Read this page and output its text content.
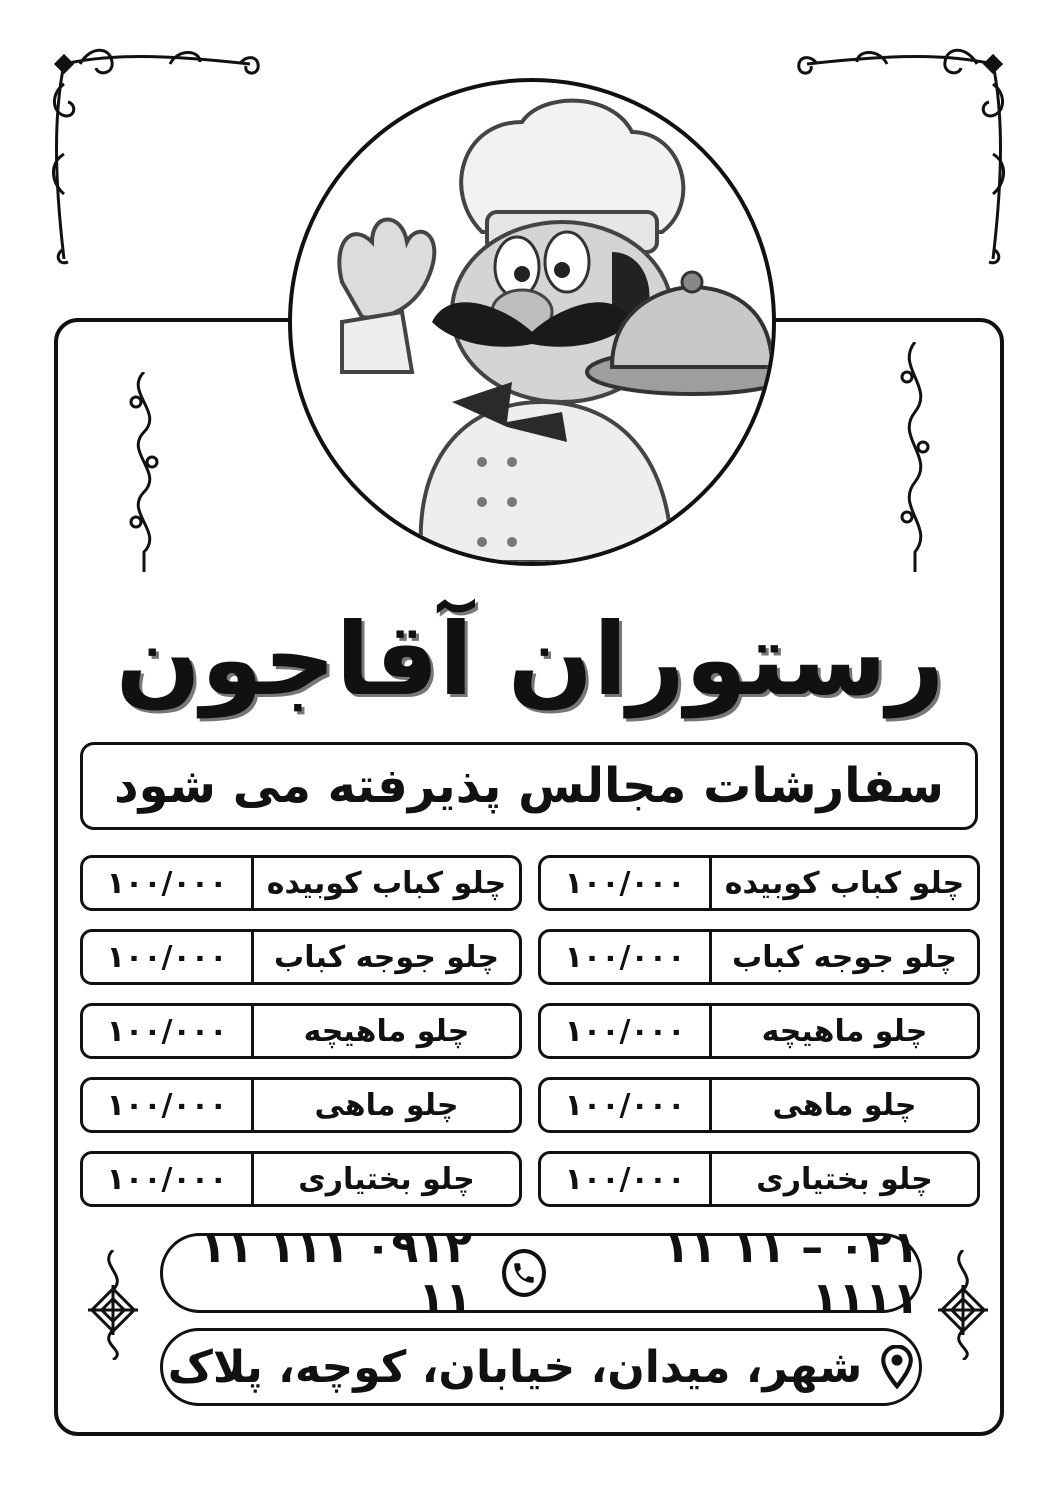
رستوران آقاجون
سفارشات مجالس پذیرفته می شود
چلو کباب کوبیده
۱۰۰/۰۰۰
چلو کباب کوبیده
۱۰۰/۰۰۰
چلو جوجه کباب
۱۰۰/۰۰۰
چلو جوجه کباب
۱۰۰/۰۰۰
چلو ماهیچه
۱۰۰/۰۰۰
چلو ماهیچه
۱۰۰/۰۰۰
چلو ماهی
۱۰۰/۰۰۰
چلو ماهی
۱۰۰/۰۰۰
چلو بختیاری
۱۰۰/۰۰۰
چلو بختیاری
۱۰۰/۰۰۰
۰۲۱ – ۱۱ ۱۱ ۱۱۱۱
۰۹۱۲ ۱۱۱ ۱۱ ۱۱
شهر، میدان، خیابان، کوچه، پلاک
